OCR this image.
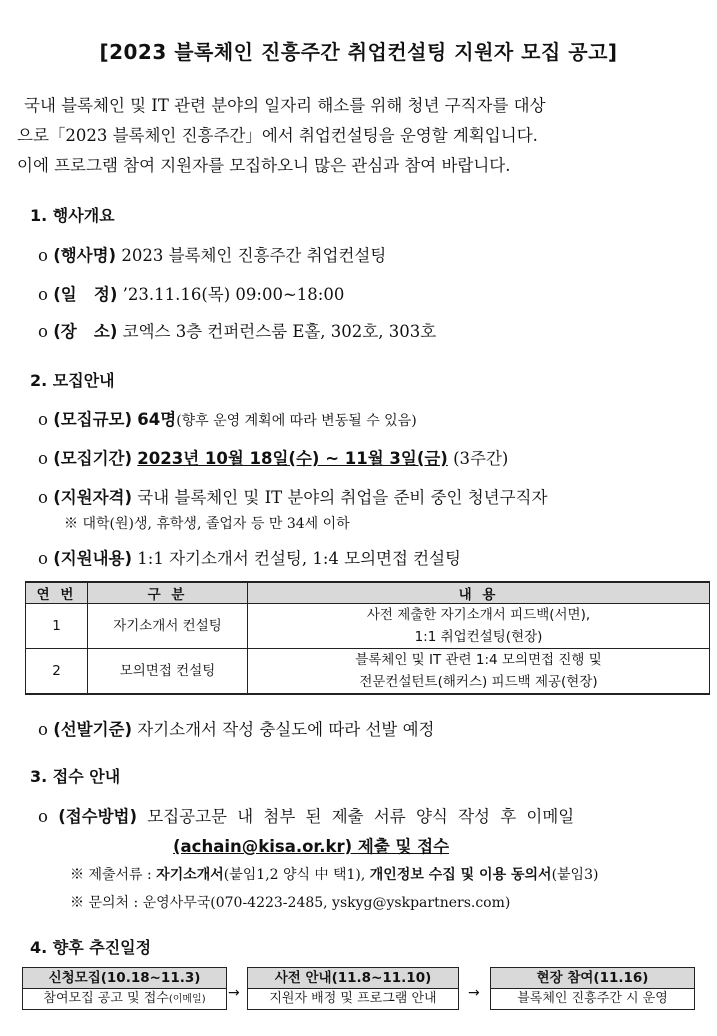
[2023 블록체인 진흥주간 취업컨설팅 지원자 모집 공고]
국내 블록체인 및 IT 관련 분야의 일자리 해소를 위해 청년 구직자를 대상
으로「2023 블록체인 진흥주간」에서 취업컨설팅을 운영할 계획입니다.
이에 프로그램 참여 지원자를 모집하오니 많은 관심과 참여 바랍니다.
1. 행사개요
o (행사명) 2023 블록체인 진흥주간 취업컨설팅
o (일   정) ’23.11.16(목) 09:00~18:00
o (장   소) 코엑스 3층 컨퍼런스룸 E홀, 302호, 303호
2. 모집안내
o (모집규모) 64명(향후 운영 계획에 따라 변동될 수 있음)
o (모집기간) 2023년 10월 18일(수) ~ 11월 3일(금) (3주간)
o (지원자격) 국내 블록체인 및 IT 분야의 취업을 준비 중인 청년구직자
※ 대학(원)생, 휴학생, 졸업자 등 만 34세 이하
o (지원내용) 1:1 자기소개서 컨설팅, 1:4 모의면접 컨설팅
연 번	구 분	내 용
1	자기소개서 컨설팅	사전 제출한 자기소개서 피드백(서면),
1:1 취업컨설팅(현장)

2	모의면접 컨설팅	블록체인 및 IT 관련 1:4 모의면접 진행 및
전문컨설턴트(해커스) 피드백 제공(현장)
o (선발기준) 자기소개서 작성 충실도에 따라 선발 예정
3. 접수 안내
o (접수방법) 모집공고문 내 첨부 된 제출 서류 양식 작성 후 이메일
(achain@kisa.or.kr) 제출 및 접수
※ 제출서류 : 자기소개서(붙임1,2 양식 中 택1), 개인정보 수집 및 이용 동의서(붙임3)
※ 문의처 : 운영사무국(070-4223-2485, yskyg@yskpartners.com)
4. 향후 추진일정
신청모집(10.18~11.3)
참여모집 공고 및 접수(이메일)	→
사전 안내(11.8~11.10)
지원자 배정 및 프로그램 안내	→
현장 참여(11.16)
블록체인 진흥주간 시 운영
